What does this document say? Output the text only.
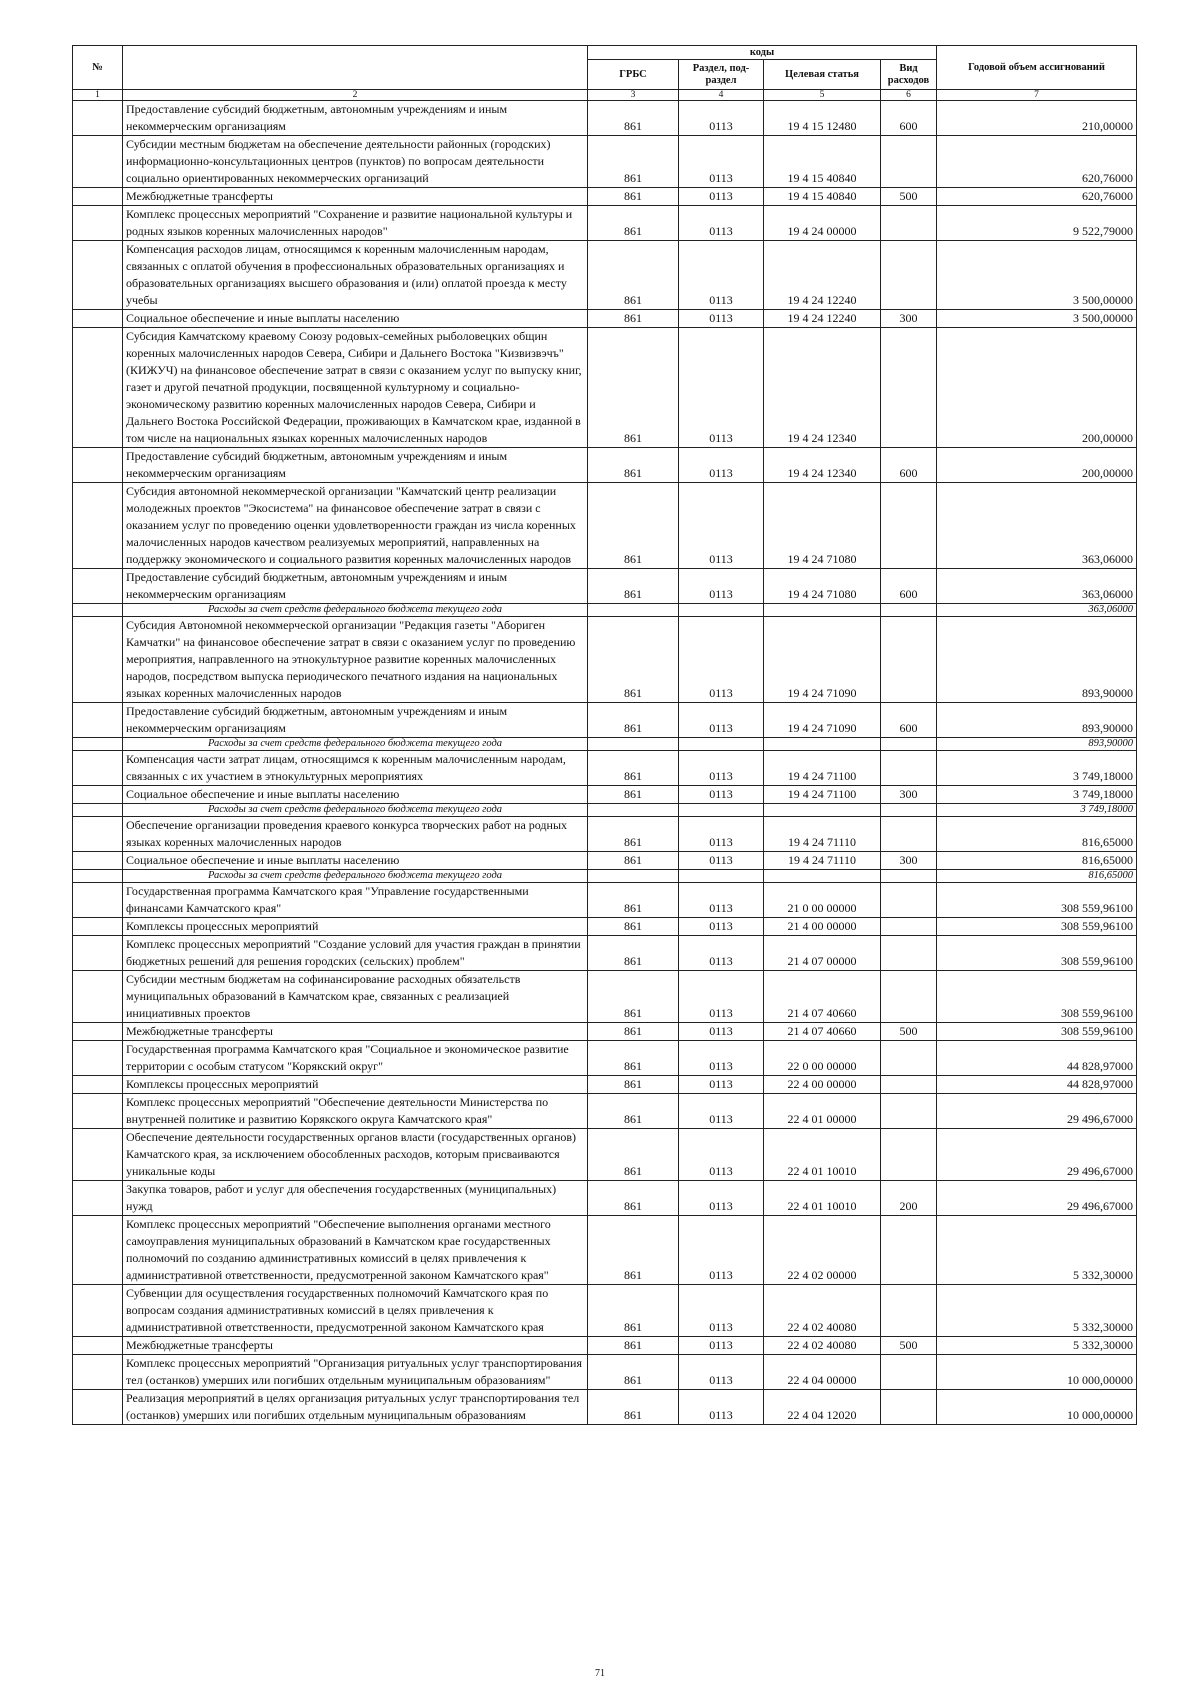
№		коды				Годовой объем ассигнований
		ГРБС	Раздел, под-раздел	Целевая статья	Вид расходов	
1	2	3	4	5	6	7
	Предоставление субсидий бюджетным, автономным учреждениям и иным некоммерческим организациям	861	0113	19 4 15 12480	600	210,00000
	Субсидии местным бюджетам на обеспечение деятельности районных (городских) информационно-консультационных центров (пунктов) по вопросам деятельности социально ориентированных некоммерческих организаций	861	0113	19 4 15 40840		620,76000
	Межбюджетные трансферты	861	0113	19 4 15 40840	500	620,76000
	Комплекс процессных мероприятий "Сохранение и развитие национальной культуры и родных языков коренных малочисленных народов"	861	0113	19 4 24 00000		9 522,79000
	Компенсация расходов лицам, относящимся к коренным малочисленным народам, связанных с оплатой обучения в профессиональных образовательных организациях и образовательных организациях высшего образования и (или) оплатой проезда к месту учебы	861	0113	19 4 24 12240		3 500,00000
	Социальное обеспечение и иные выплаты населению	861	0113	19 4 24 12240	300	3 500,00000
	Субсидия Камчатскому краевому Союзу родовых-семейных рыболовецких общин коренных малочисленных народов Севера, Сибири и Дальнего Востока "Кизвизвэчъ" (КИЖУЧ) на финансовое обеспечение затрат в связи с оказанием услуг по выпуску книг, газет и другой печатной продукции, посвященной культурному и социально-экономическому развитию коренных малочисленных народов Севера, Сибири и Дальнего Востока Российской Федерации, проживающих в Камчатском крае, изданной в том числе на национальных языках коренных малочисленных народов	861	0113	19 4 24 12340		200,00000
	Предоставление субсидий бюджетным, автономным учреждениям и иным некоммерческим организациям	861	0113	19 4 24 12340	600	200,00000
	Субсидия автономной некоммерческой организации "Камчатский центр реализации молодежных проектов "Экосистема" на финансовое обеспечение затрат в связи с оказанием услуг по проведению оценки удовлетворенности граждан из числа коренных малочисленных народов качеством реализуемых мероприятий, направленных на поддержку экономического и социального развития коренных малочисленных народов	861	0113	19 4 24 71080		363,06000
	Предоставление субсидий бюджетным, автономным учреждениям и иным некоммерческим организациям	861	0113	19 4 24 71080	600	363,06000
	Расходы за счет средств федерального бюджета текущего года					363,06000
	Субсидия Автономной некоммерческой организации "Редакция газеты "Абориген Камчатки" на финансовое обеспечение затрат в связи с оказанием услуг по проведению мероприятия, направленного на этнокультурное развитие коренных малочисленных народов, посредством выпуска периодического печатного издания на национальных языках коренных малочисленных народов	861	0113	19 4 24 71090		893,90000
	Предоставление субсидий бюджетным, автономным учреждениям и иным некоммерческим организациям	861	0113	19 4 24 71090	600	893,90000
	Расходы за счет средств федерального бюджета текущего года					893,90000
	Компенсация части затрат лицам, относящимся к коренным малочисленным народам, связанных с их участием в этнокультурных мероприятиях	861	0113	19 4 24 71100		3 749,18000
	Социальное обеспечение и иные выплаты населению	861	0113	19 4 24 71100	300	3 749,18000
	Расходы за счет средств федерального бюджета текущего года					3 749,18000
	Обеспечение организации проведения краевого конкурса творческих работ на родных языках коренных малочисленных народов	861	0113	19 4 24 71110		816,65000
	Социальное обеспечение и иные выплаты населению	861	0113	19 4 24 71110	300	816,65000
	Расходы за счет средств федерального бюджета текущего года					816,65000
	Государственная программа Камчатского края "Управление государственными финансами Камчатского края"	861	0113	21 0 00 00000		308 559,96100
	Комплексы процессных мероприятий	861	0113	21 4 00 00000		308 559,96100
	Комплекс процессных мероприятий "Создание условий для участия граждан в принятии бюджетных решений для решения городских (сельских) проблем"	861	0113	21 4 07 00000		308 559,96100
	Субсидии местным бюджетам на софинансирование расходных обязательств муниципальных образований в Камчатском крае, связанных с реализацией инициативных проектов	861	0113	21 4 07 40660		308 559,96100
	Межбюджетные трансферты	861	0113	21 4 07 40660	500	308 559,96100
	Государственная программа Камчатского края "Социальное и экономическое развитие территории с особым статусом "Корякский округ"	861	0113	22 0 00 00000		44 828,97000
	Комплексы процессных мероприятий	861	0113	22 4 00 00000		44 828,97000
	Комплекс процессных мероприятий "Обеспечение деятельности Министерства по внутренней политике и развитию Корякского округа Камчатского края"	861	0113	22 4 01 00000		29 496,67000
	Обеспечение деятельности государственных органов власти (государственных органов) Камчатского края, за исключением обособленных расходов, которым присваиваются уникальные коды	861	0113	22 4 01 10010		29 496,67000
	Закупка товаров, работ и услуг для обеспечения государственных (муниципальных) нужд	861	0113	22 4 01 10010	200	29 496,67000
	Комплекс процессных мероприятий "Обеспечение выполнения органами местного самоуправления муниципальных образований в Камчатском крае государственных полномочий по созданию административных комиссий в целях привлечения к административной ответственности, предусмотренной законом Камчатского края"	861	0113	22 4 02 00000		5 332,30000
	Субвенции для осуществления государственных полномочий Камчатского края по вопросам создания административных комиссий в целях привлечения к административной ответственности, предусмотренной законом Камчатского края	861	0113	22 4 02 40080		5 332,30000
	Межбюджетные трансферты	861	0113	22 4 02 40080	500	5 332,30000
	Комплекс процессных мероприятий "Организация ритуальных услуг транспортирования тел (останков) умерших или погибших отдельным муниципальным образованиям"	861	0113	22 4 04 00000		10 000,00000
	Реализация мероприятий в целях организация ритуальных услуг транспортирования тел (останков) умерших или погибших отдельным муниципальным образованиям	861	0113	22 4 04 12020		10 000,00000
71
